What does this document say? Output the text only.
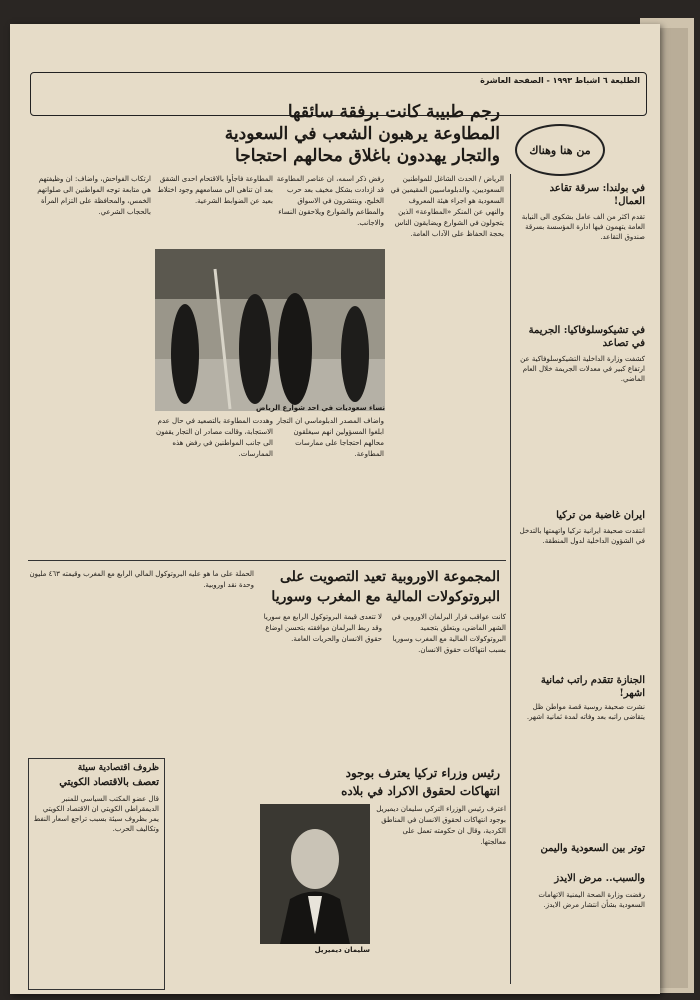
الطليعة ٦ اشباط ١٩٩٣ - الصفحة العاشرة
من هنا وهناك
رجم طبيبة كانت برفقة سائقها
المطاوعة يرهبون الشعب في السعودية
والتجار يهددون باغلاق محالهم احتجاجا
الرياض / الحدث الشاغل للمواطنين السعوديين، والدبلوماسيين المقيمين في السعودية هو اجراء هيئة المعروف والنهي عن المنكر «المطاوعة» الذين يتجولون في الشوارع ويضايقون الناس بحجة الحفاظ على الآداب العامة.
رفض ذكر اسمه، ان عناصر المطاوعة قد ازدادت بشكل مخيف بعد حرب الخليج، وينتشرون في الاسواق والمطاعم والشوارع ويلاحقون النساء والاجانب.
المطاوعة فاجأوا بالاقتحام احدى الشقق بعد ان تناهى الى مسامعهم وجود اختلاط بعيد عن الضوابط الشرعية.
ارتكاب الفواحش، واضاف: ان وظيفتهم هي متابعة توجه المواطنين الى صلواتهم الخمس، والمحافظة على التزام المرأة بالحجاب الشرعي.
واضاف المصدر الدبلوماسي ان التجار ابلغوا المسؤولين انهم سيغلقون محالهم احتجاجا على ممارسات المطاوعة.
وهددت المطاوعة بالتصعيد في حال عدم الاستجابة، وقالت مصادر ان التجار يقفون الى جانب المواطنين في رفض هذه الممارسات.
نساء سعوديات في احد شوارع الرياض
المجموعة الاوروبية تعيد التصويت على
البروتوكولات المالية مع المغرب وسوريا
كانت عواقب قرار البرلمان الاوروبي في الشهر الماضي، ويتعلق بتجميد البروتوكولات المالية مع المغرب وسوريا بسبب انتهاكات حقوق الانسان.
لا تتعدى قيمة البروتوكول الرابع مع سوريا وقد ربط البرلمان موافقته بتحسن اوضاع حقوق الانسان والحريات العامة.
الحملة على ما هو عليه البروتوكول المالي الرابع مع المغرب وقيمته ٤٦٣ مليون وحدة نقد اوروبية.
ظروف اقتصادية سيئة
تعصف بالاقتصاد الكويتي
قال عضو المكتب السياسي للمنبر الديمقراطي الكويتي ان الاقتصاد الكويتي يمر بظروف سيئة بسبب تراجع اسعار النفط وتكاليف الحرب.
رئيس وزراء تركيا يعترف بوجود
انتهاكات لحقوق الاكراد في بلاده
سليمان ديميريل
اعترف رئيس الوزراء التركي سليمان ديميريل بوجود انتهاكات لحقوق الانسان في المناطق الكردية، وقال ان حكومته تعمل على معالجتها.
في بولندا: سرقة تقاعد العمال!
تقدم اكثر من الف عامل بشكوى الى النيابة العامة يتهمون فيها ادارة المؤسسة بسرقة صندوق التقاعد.
في تشيكوسلوفاكيا: الجريمة في تصاعد
كشفت وزارة الداخلية التشيكوسلوفاكية عن ارتفاع كبير في معدلات الجريمة خلال العام الماضي.
ايران غاضبة من تركيا
انتقدت صحيفة ايرانية تركيا واتهمتها بالتدخل في الشؤون الداخلية لدول المنطقة.
الجنازة تتقدم راتب ثمانية اشهر!
نشرت صحيفة روسية قصة مواطن ظل يتقاضى راتبه بعد وفاته لمدة ثمانية اشهر.
توتر بين السعودية واليمن
والسبب.. مرض الايدز
رفضت وزارة الصحة اليمنية الاتهامات السعودية بشأن انتشار مرض الايدز.
